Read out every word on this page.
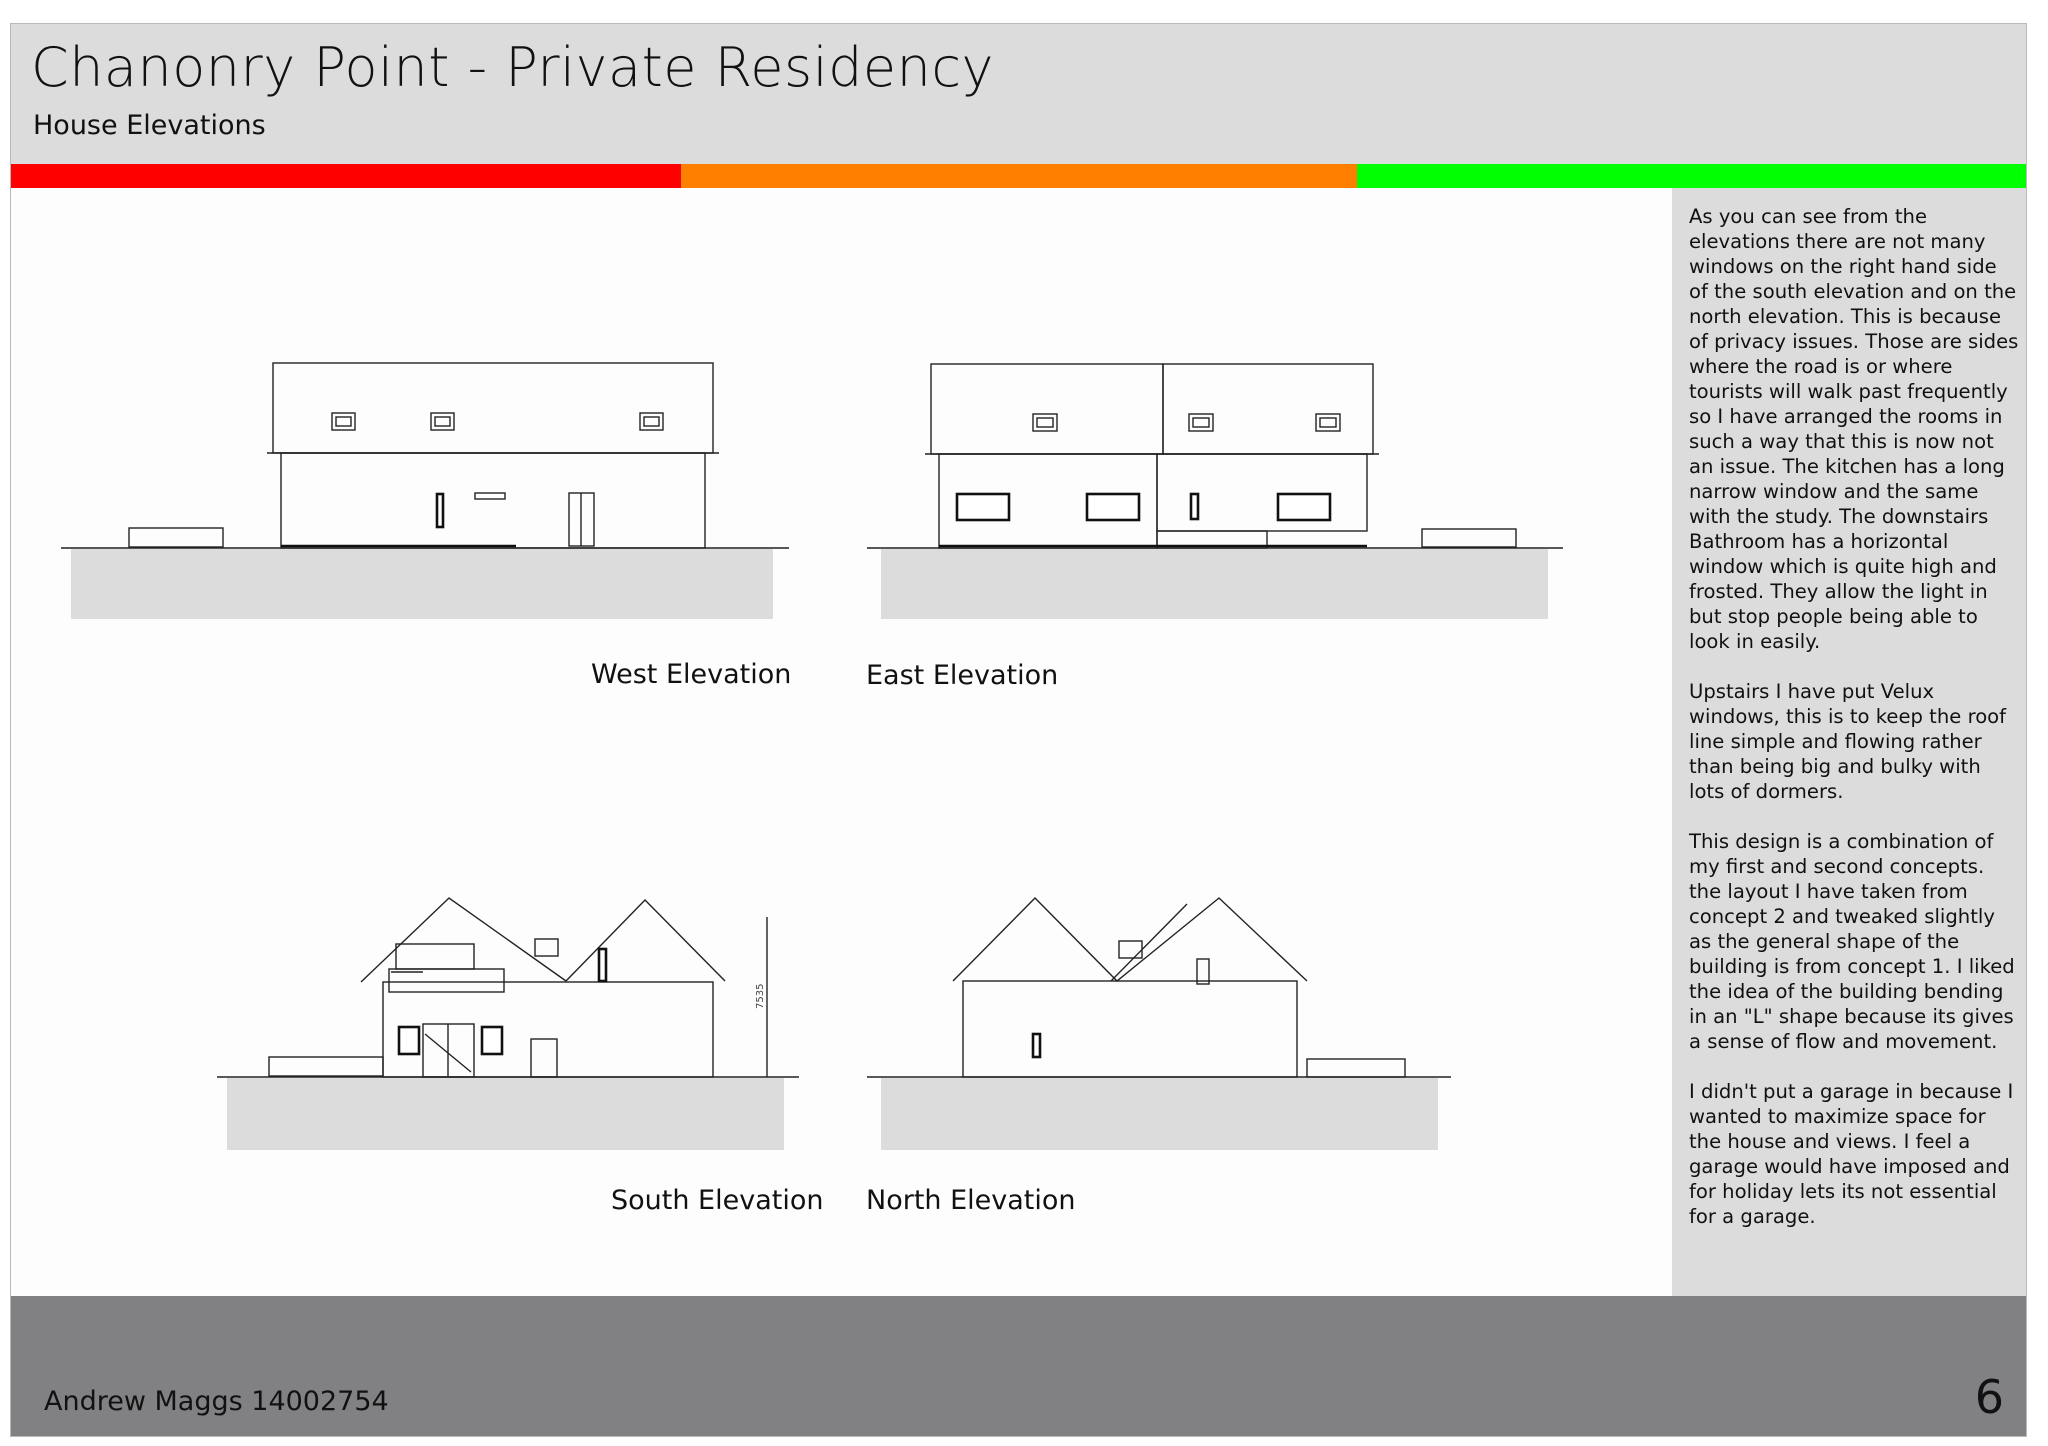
Chanonry Point - Private Residency
House Elevations
7535
West Elevation	East Elevation
South Elevation North Elevation

As you can see from the elevations there are not many windows on the right hand side of the south elevation and on the north elevation. This is because of privacy issues. Those are sides where the road is or where tourists will walk past frequently so I have arranged the rooms in such a way that this is now not an issue. The kitchen has a long narrow window and the same with the study. The downstairs Bathroom has a horizontal window which is quite high and frosted. They allow the light in but stop people being able to look in easily.

Upstairs I have put Velux windows, this is to keep the roof line simple and flowing rather than being big and bulky with lots of dormers.

This design is a combination of my first and second concepts. the layout I have taken from concept 2 and tweaked slightly as the general shape of the building is from concept 1. I liked the idea of the building bending in an "L" shape because its gives a sense of flow and movement.

I didn't put a garage in because I wanted to maximize space for the house and views. I feel a garage would have imposed and for holiday lets its not essential for a garage.

Andrew Maggs 14002754	6
